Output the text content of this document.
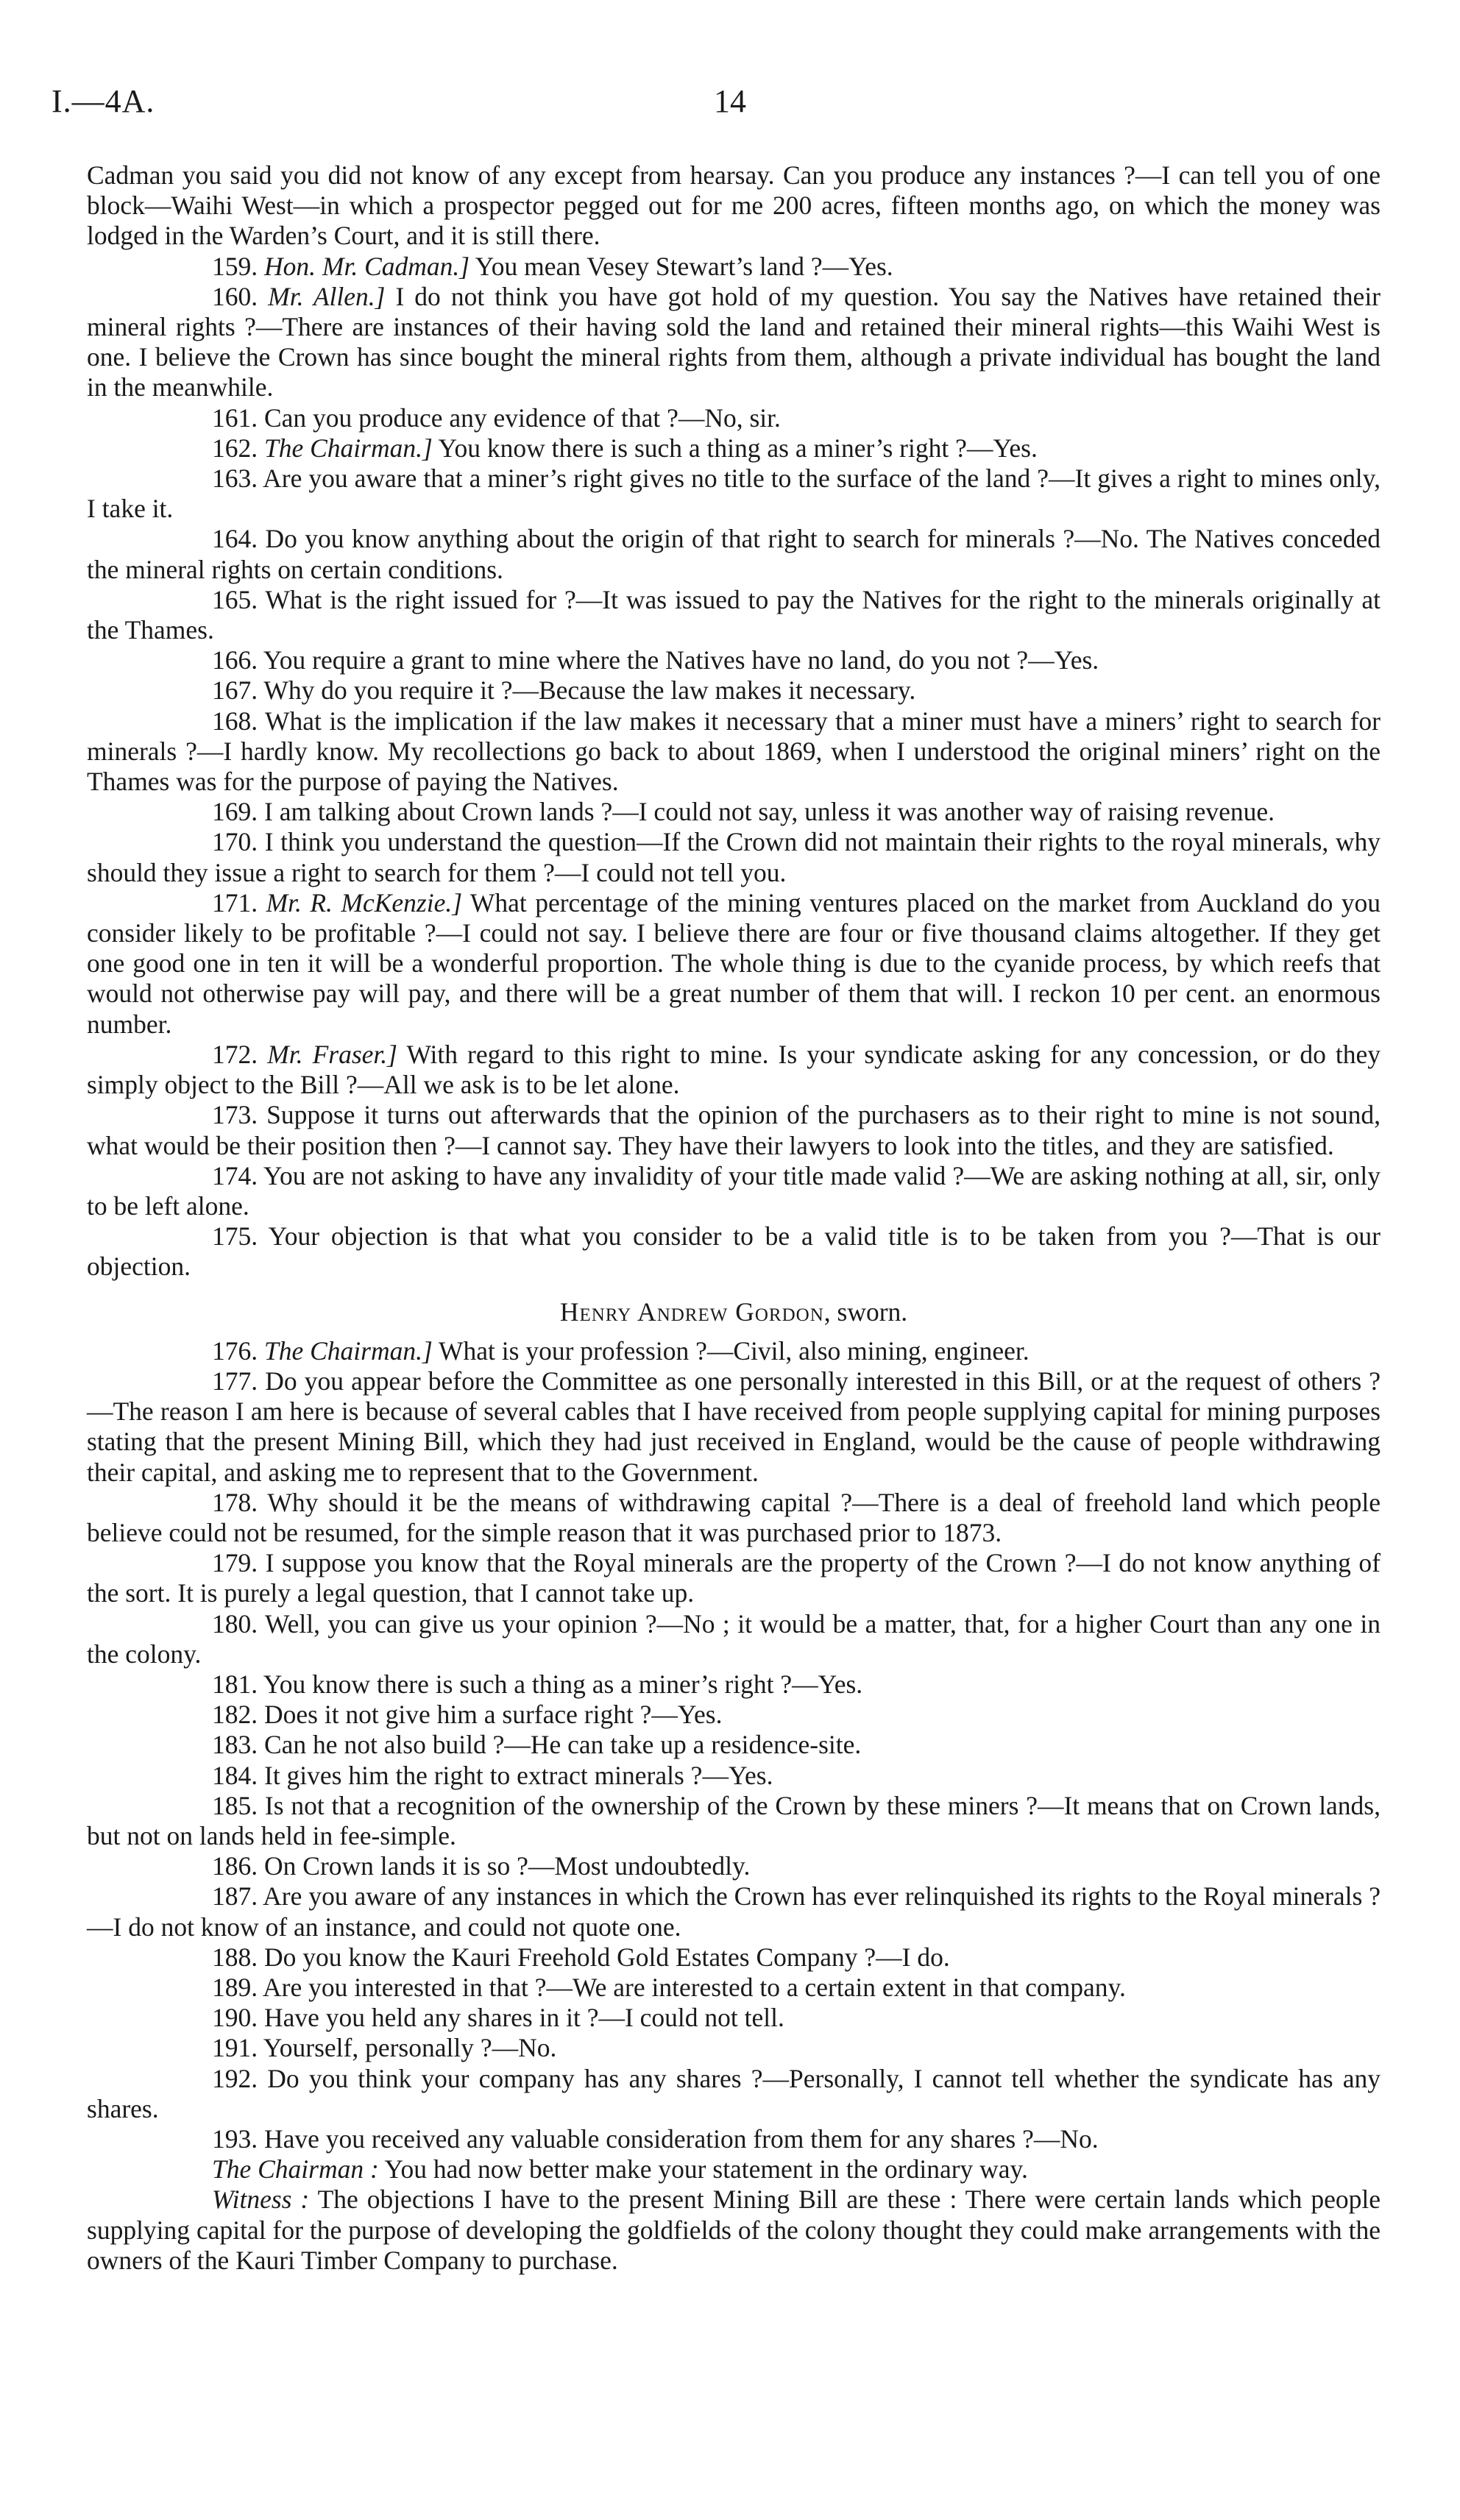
I.—4A.	14

Cadman you said you did not know of any except from hearsay. Can you produce any instances ?—I can tell you of one block—Waihi West—in which a prospector pegged out for me 200 acres, fifteen months ago, on which the money was lodged in the Warden’s Court, and it is still there.

159. Hon. Mr. Cadman.] You mean Vesey Stewart’s land ?—Yes.

160. Mr. Allen.] I do not think you have got hold of my question. You say the Natives have retained their mineral rights ?—There are instances of their having sold the land and retained their mineral rights—this Waihi West is one. I believe the Crown has since bought the mineral rights from them, although a private individual has bought the land in the meanwhile.

161. Can you produce any evidence of that ?—No, sir.

162. The Chairman.] You know there is such a thing as a miner’s right ?—Yes.

163. Are you aware that a miner’s right gives no title to the surface of the land ?—It gives a right to mines only, I take it.

164. Do you know anything about the origin of that right to search for minerals ?—No. The Natives conceded the mineral rights on certain conditions.

165. What is the right issued for ?—It was issued to pay the Natives for the right to the minerals originally at the Thames.

166. You require a grant to mine where the Natives have no land, do you not ?—Yes.

167. Why do you require it ?—Because the law makes it necessary.

168. What is the implication if the law makes it necessary that a miner must have a miners’ right to search for minerals ?—I hardly know. My recollections go back to about 1869, when I understood the original miners’ right on the Thames was for the purpose of paying the Natives.

169. I am talking about Crown lands ?—I could not say, unless it was another way of raising revenue.

170. I think you understand the question—If the Crown did not maintain their rights to the royal minerals, why should they issue a right to search for them ?—I could not tell you.

171. Mr. R. McKenzie.] What percentage of the mining ventures placed on the market from Auckland do you consider likely to be profitable ?—I could not say. I believe there are four or five thousand claims altogether. If they get one good one in ten it will be a wonderful proportion. The whole thing is due to the cyanide process, by which reefs that would not otherwise pay will pay, and there will be a great number of them that will. I reckon 10 per cent. an enormous number.

172. Mr. Fraser.] With regard to this right to mine. Is your syndicate asking for any concession, or do they simply object to the Bill ?—All we ask is to be let alone.

173. Suppose it turns out afterwards that the opinion of the purchasers as to their right to mine is not sound, what would be their position then ?—I cannot say. They have their lawyers to look into the titles, and they are satisfied.

174. You are not asking to have any invalidity of your title made valid ?—We are asking nothing at all, sir, only to be left alone.

175. Your objection is that what you consider to be a valid title is to be taken from you ?—That is our objection.

Henry Andrew Gordon, sworn.

176. The Chairman.] What is your profession ?—Civil, also mining, engineer.

177. Do you appear before the Committee as one personally interested in this Bill, or at the request of others ?—The reason I am here is because of several cables that I have received from people supplying capital for mining purposes stating that the present Mining Bill, which they had just received in England, would be the cause of people withdrawing their capital, and asking me to represent that to the Government.

178. Why should it be the means of withdrawing capital ?—There is a deal of freehold land which people believe could not be resumed, for the simple reason that it was purchased prior to 1873.

179. I suppose you know that the Royal minerals are the property of the Crown ?—I do not know anything of the sort. It is purely a legal question, that I cannot take up.

180. Well, you can give us your opinion ?—No ; it would be a matter, that, for a higher Court than any one in the colony.

181. You know there is such a thing as a miner’s right ?—Yes.

182. Does it not give him a surface right ?—Yes.

183. Can he not also build ?—He can take up a residence-site.

184. It gives him the right to extract minerals ?—Yes.

185. Is not that a recognition of the ownership of the Crown by these miners ?—It means that on Crown lands, but not on lands held in fee-simple.

186. On Crown lands it is so ?—Most undoubtedly.

187. Are you aware of any instances in which the Crown has ever relinquished its rights to the Royal minerals ?—I do not know of an instance, and could not quote one.

188. Do you know the Kauri Freehold Gold Estates Company ?—I do.

189. Are you interested in that ?—We are interested to a certain extent in that company.

190. Have you held any shares in it ?—I could not tell.

191. Yourself, personally ?—No.

192. Do you think your company has any shares ?—Personally, I cannot tell whether the syndicate has any shares.

193. Have you received any valuable consideration from them for any shares ?—No.

The Chairman : You had now better make your statement in the ordinary way.

Witness : The objections I have to the present Mining Bill are these : There were certain lands which people supplying capital for the purpose of developing the goldfields of the colony thought they could make arrangements with the owners of the Kauri Timber Company to purchase.
